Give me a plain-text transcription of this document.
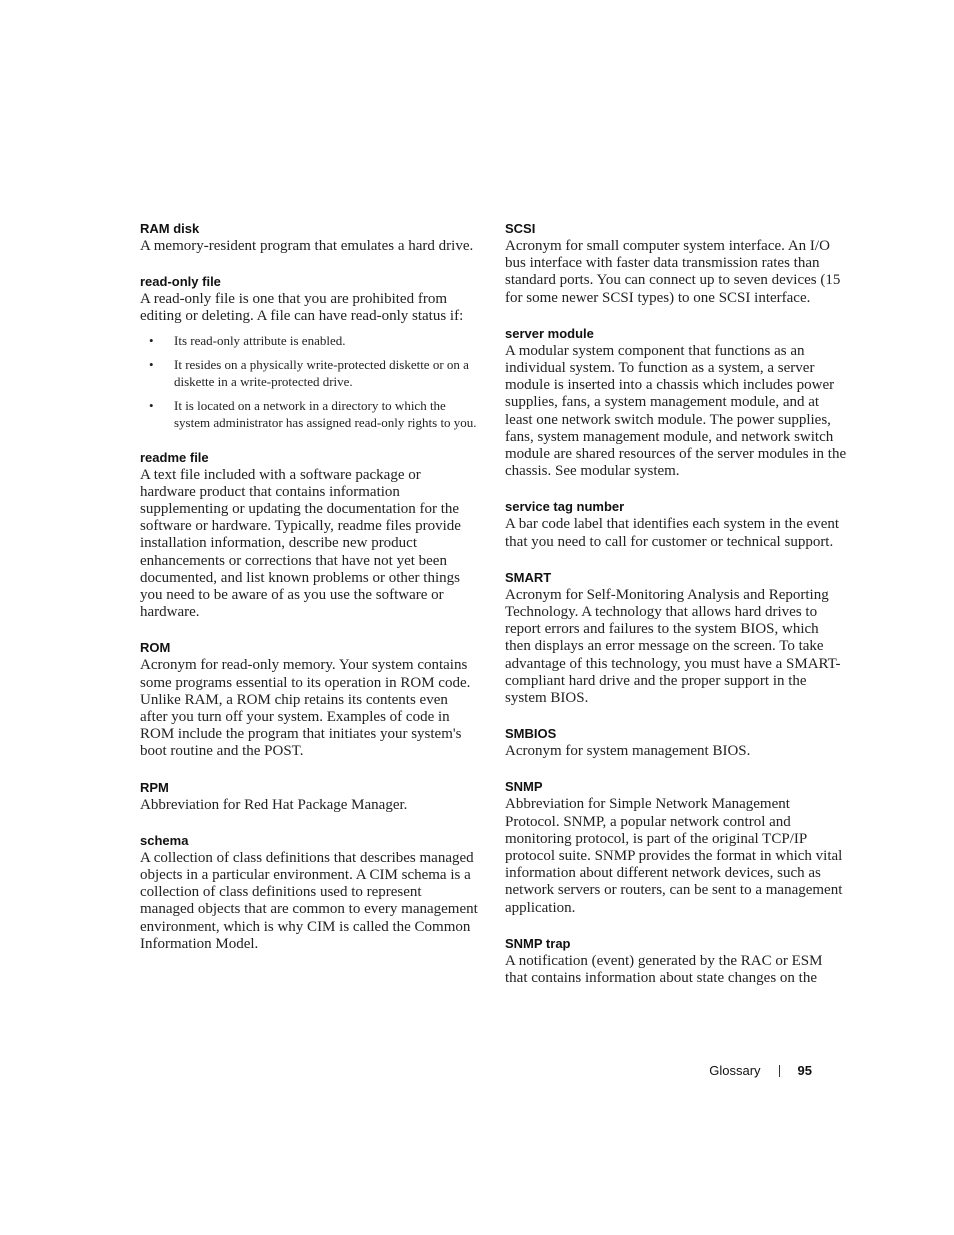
RAM disk
A memory-resident program that emulates a hard drive.
read-only file
A read-only file is one that you are prohibited from editing or deleting. A file can have read-only status if:
• Its read-only attribute is enabled.
• It resides on a physically write-protected diskette or on a diskette in a write-protected drive.
• It is located on a network in a directory to which the system administrator has assigned read-only rights to you.
readme file
A text file included with a software package or hardware product that contains information supplementing or updating the documentation for the software or hardware. Typically, readme files provide installation information, describe new product enhancements or corrections that have not yet been documented, and list known problems or other things you need to be aware of as you use the software or hardware.
ROM
Acronym for read-only memory. Your system contains some programs essential to its operation in ROM code. Unlike RAM, a ROM chip retains its contents even after you turn off your system. Examples of code in ROM include the program that initiates your system's boot routine and the POST.
RPM
Abbreviation for Red Hat Package Manager.
schema
A collection of class definitions that describes managed objects in a particular environment. A CIM schema is a collection of class definitions used to represent managed objects that are common to every management environment, which is why CIM is called the Common Information Model.
SCSI
Acronym for small computer system interface. An I/O bus interface with faster data transmission rates than standard ports. You can connect up to seven devices (15 for some newer SCSI types) to one SCSI interface.
server module
A modular system component that functions as an individual system. To function as a system, a server module is inserted into a chassis which includes power supplies, fans, a system management module, and at least one network switch module. The power supplies, fans, system management module, and network switch module are shared resources of the server modules in the chassis. See modular system.
service tag number
A bar code label that identifies each system in the event that you need to call for customer or technical support.
SMART
Acronym for Self-Monitoring Analysis and Reporting Technology. A technology that allows hard drives to report errors and failures to the system BIOS, which then displays an error message on the screen. To take advantage of this technology, you must have a SMART-compliant hard drive and the proper support in the system BIOS.
SMBIOS
Acronym for system management BIOS.
SNMP
Abbreviation for Simple Network Management Protocol. SNMP, a popular network control and monitoring protocol, is part of the original TCP/IP protocol suite. SNMP provides the format in which vital information about different network devices, such as network servers or routers, can be sent to a management application.
SNMP trap
A notification (event) generated by the RAC or ESM that contains information about state changes on the
Glossary	95
